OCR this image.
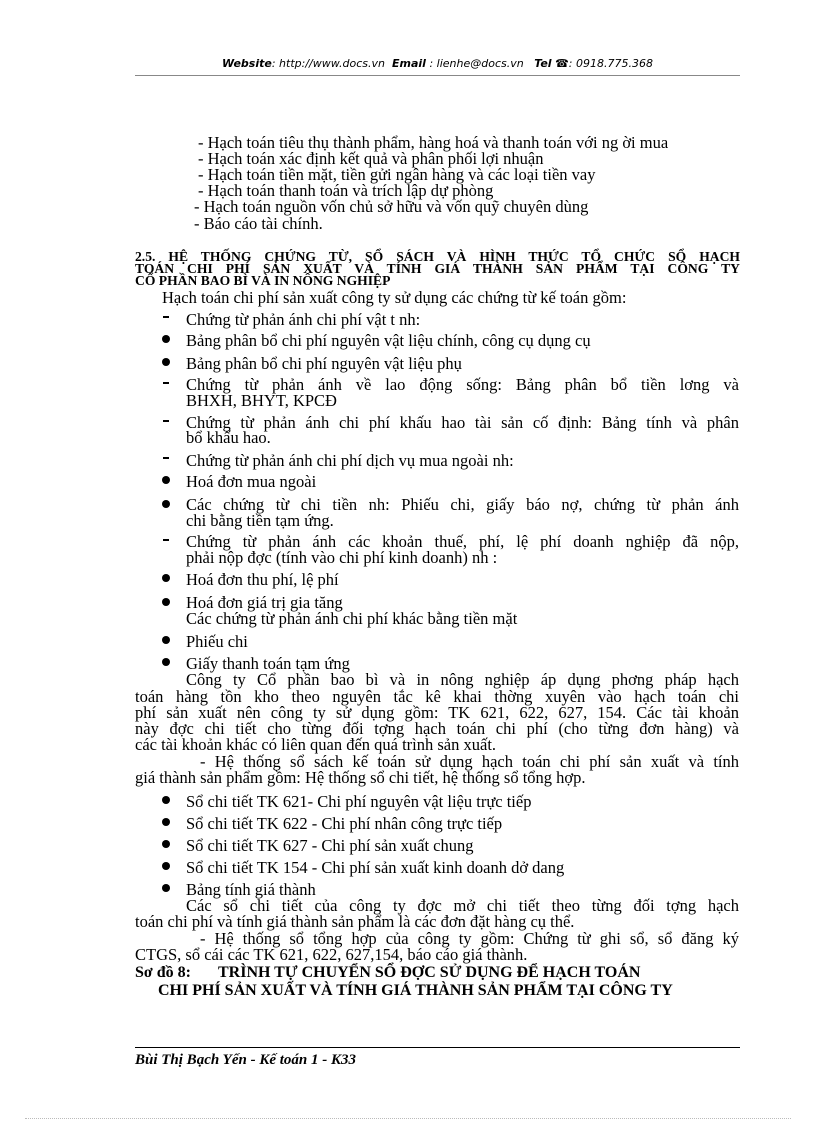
Website: http://www.docs.vn Email : lienhe@docs.vn Tel ☎: 0918.775.368
- Hạch toán tiêu thụ thành phẩm, hàng hoá và thanh toán với ng ời mua
- Hạch toán xác định kết quả và phân phối lợi nhuận
- Hạch toán tiền mặt, tiền gửi ngân hàng và các loại tiền vay
- Hạch toán thanh toán và trích lập dự phòng
- Hạch toán nguồn vốn chủ sở hữu và vốn quỹ chuyên dùng
- Báo cáo tài chính.
2.5. HỆ THỐNG CHỨNG TỪ, SỔ SÁCH VÀ HÌNH THỨC TỔ CHỨC SỔ HẠCH
TOÁN CHI PHÍ SẢN XUẤT VÀ TÍNH GIÁ THÀNH SẢN PHẨM TẠI CÔNG TY
CỔ PHẦN BAO BÌ VÀ IN NÔNG NGHIỆP
Hạch toán chi phí sản xuất công ty sử dụng các chứng từ kế toán gồm:
Chứng từ phản ánh chi phí vật t nh:
Bảng phân bổ chi phí nguyên vật liệu chính, công cụ dụng cụ
Bảng phân bổ chi phí nguyên vật liệu phụ
Chứng từ phản ánh về lao động sống: Bảng phân bổ tiền lơng và
BHXH, BHYT, KPCĐ
Chứng từ phản ánh chi phí khấu hao tài sản cố định: Bảng tính và phân
bổ khấu hao.
Chứng từ phản ánh chi phí dịch vụ mua ngoài nh:
Hoá đơn mua ngoài
Các chứng từ chi tiền nh: Phiếu chi, giấy báo nợ, chứng từ phản ánh
chi bằng tiền tạm ứng.
Chứng từ phản ánh các khoản thuế, phí, lệ phí doanh nghiệp đã nộp,
phải nộp đợc (tính vào chi phí kinh doanh) nh :
Hoá đơn thu phí, lệ phí
Hoá đơn giá trị gia tăng
Các chứng từ phản ánh chi phí khác bằng tiền mặt
Phiếu chi
Giấy thanh toán tạm ứng
Công ty Cổ phần bao bì và in nông nghiệp áp dụng phơng pháp hạch
toán hàng tồn kho theo nguyên tắc kê khai thờng xuyên vào hạch toán chi
phí sản xuất nên công ty sử dụng gồm: TK 621, 622, 627, 154. Các tài khoản
này đợc chi tiết cho từng đối tợng hạch toán chi phí (cho từng đơn hàng) và
các tài khoản khác có liên quan đến quá trình sản xuất.
- Hệ thống sổ sách kế toán sử dụng hạch toán chi phí sản xuất và tính
giá thành sản phẩm gồm: Hệ thống sổ chi tiết, hệ thống sổ tổng hợp.
Sổ chi tiết TK 621- Chi phí nguyên vật liệu trực tiếp
Sổ chi tiết TK 622 - Chi phí nhân công trực tiếp
Sổ chi tiết TK 627 - Chi phí sản xuất chung
Sổ chi tiết TK 154 - Chi phí sản xuất kinh doanh dở dang
Bảng tính giá thành
Các sổ chi tiết của công ty đợc mở chi tiết theo từng đối tợng hạch
toán chi phí và tính giá thành sản phẩm là các đơn đặt hàng cụ thể.
- Hệ thống sổ tổng hợp của công ty gồm: Chứng từ ghi sổ, sổ đăng ký
CTGS, sổ cái các TK 621, 622, 627,154, báo cáo giá thành.
Sơ đồ 8: TRÌNH TỰ CHUYỂN SỔ ĐỢC SỬ DỤNG ĐỂ HẠCH TOÁN
CHI PHÍ SẢN XUẤT VÀ TÍNH GIÁ THÀNH SẢN PHẨM TẠI CÔNG TY
Bùi Thị Bạch Yến - Kế toán 1 - K33
